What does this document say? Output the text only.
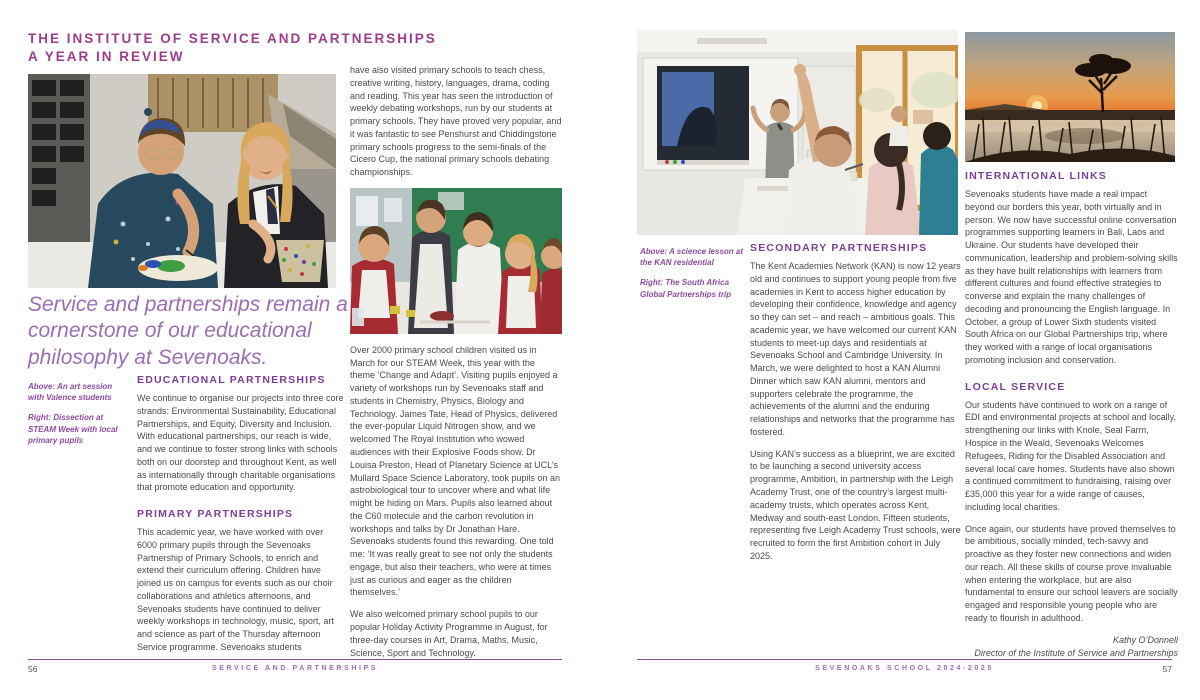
THE INSTITUTE OF SERVICE AND PARTNERSHIPS
A YEAR IN REVIEW
Service and partnerships remain a cornerstone of our educational philosophy at Sevenoaks.

Above: An art session with Valence students

Right: Dissection at STEAM Week with local primary pupils

EDUCATIONAL PARTNERSHIPS

We continue to organise our projects into three core strands: Environmental Sustainability, Educational Partnerships, and Equity, Diversity and Inclusion. With educational partnerships, our reach is wide, and we continue to foster strong links with schools both on our doorstep and throughout Kent, as well as internationally through charitable organisations that promote education and opportunity.

PRIMARY PARTNERSHIPS

This academic year, we have worked with over 6000 primary pupils through the Sevenoaks Partnership of Primary Schools, to enrich and extend their curriculum offering. Children have joined us on campus for events such as our choir collaborations and athletics afternoons, and Sevenoaks students have continued to deliver weekly workshops in technology, music, sport, art and science as part of the Thursday afternoon Service programme. Sevenoaks students

have also visited primary schools to teach chess, creative writing, history, languages, drama, coding and reading. This year has seen the introduction of weekly debating workshops, run by our students at primary schools. They have proved very popular, and it was fantastic to see Penshurst and Chiddingstone primary schools progress to the semi-finals of the Cicero Cup, the national primary schools debating championships.

Over 2000 primary school children visited us in March for our STEAM Week, this year with the theme ‘Change and Adapt’. Visiting pupils enjoyed a variety of workshops run by Sevenoaks staff and students in Chemistry, Physics, Biology and Technology. James Tate, Head of Physics, delivered the ever-popular Liquid Nitrogen show, and we welcomed The Royal Institution who wowed audiences with their Explosive Foods show. Dr Louisa Preston, Head of Planetary Science at UCL’s Mullard Space Science Laboratory, took pupils on an astrobiological tour to uncover where and what life might be hiding on Mars. Pupils also learned about the C60 molecule and the carbon revolution in workshops and talks by Dr Jonathan Hare. Sevenoaks students found this rewarding. One told me: ‘It was really great to see not only the students engage, but also their teachers, who were at times just as curious and eager as the children themselves.’

We also welcomed primary school pupils to our popular Holiday Activity Programme in August, for three-day courses in Art, Drama, Maths, Music, Science, Sport and Technology.

56	SERVICE AND PARTNERSHIPS

Above: A science lesson at the KAN residential

Right: The South Africa Global Partnerships trip

SECONDARY PARTNERSHIPS

The Kent Academies Network (KAN) is now 12 years old and continues to support young people from five academies in Kent to access higher education by developing their confidence, knowledge and agency so they can set – and reach – ambitious goals. This academic year, we have welcomed our current KAN students to meet-up days and residentials at Sevenoaks School and Cambridge University. In March, we were delighted to host a KAN Alumni Dinner which saw KAN alumni, mentors and supporters celebrate the programme, the achievements of the alumni and the enduring relationships and networks that the programme has fostered.

Using KAN’s success as a blueprint, we are excited to be launching a second university access programme, Ambition, in partnership with the Leigh Academy Trust, one of the country’s largest multi-academy trusts, which operates across Kent, Medway and south-east London. Fifteen students, representing five Leigh Academy Trust schools, were recruited to form the first Ambition cohort in July 2025.

INTERNATIONAL LINKS

Sevenoaks students have made a real impact beyond our borders this year, both virtually and in person. We now have successful online conversation programmes supporting learners in Bali, Laos and Ukraine. Our students have developed their communication, leadership and problem-solving skills as they have built relationships with learners from different cultures and found effective strategies to converse and explain the many challenges of decoding and pronouncing the English language. In October, a group of Lower Sixth students visited South Africa on our Global Partnerships trip, where they worked with a range of local organisations promoting inclusion and conservation.

LOCAL SERVICE

Our students have continued to work on a range of EDI and environmental projects at school and locally, strengthening our links with Knole, Seal Farm, Hospice in the Weald, Sevenoaks Welcomes Refugees, Riding for the Disabled Association and several local care homes. Students have also shown a continued commitment to fundraising, raising over £35,000 this year for a wide range of causes, including local charities.

Once again, our students have proved themselves to be ambitious, socially minded, tech-savvy and proactive as they foster new connections and widen our reach. All these skills of course prove invaluable when entering the workplace, but are also fundamental to ensure our school leavers are socially engaged and responsible young people who are ready to flourish in adulthood.

Kathy O’Donnell
Director of the Institute of Service and Partnerships
SEVENOAKS SCHOOL 2024-2025	57
